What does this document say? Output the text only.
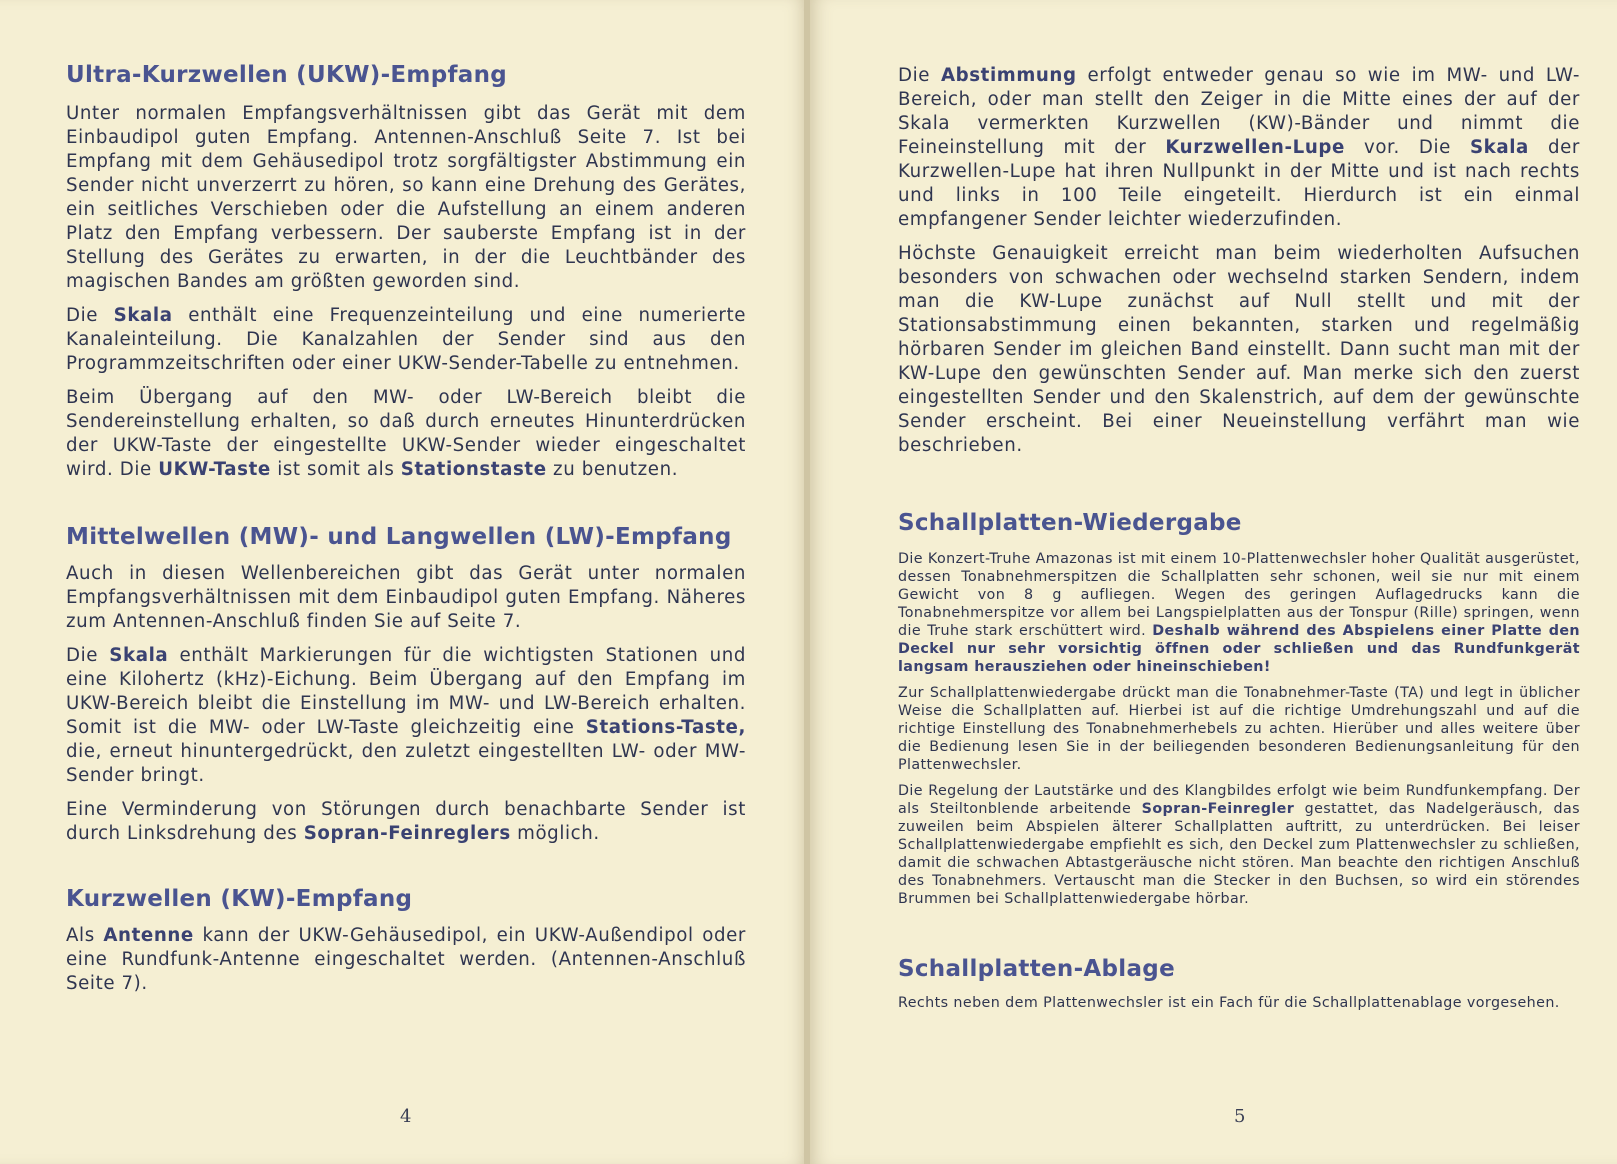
Ultra-Kurzwellen (UKW)-Empfang

Unter normalen Empfangsverhältnissen gibt das Gerät mit dem Einbaudipol guten Empfang. Antennen-Anschluß Seite 7. Ist bei Empfang mit dem Gehäusedipol trotz sorgfältigster Abstimmung ein Sender nicht unverzerrt zu hören, so kann eine Drehung des Gerätes, ein seitliches Verschieben oder die Aufstellung an einem anderen Platz den Empfang verbessern. Der sauberste Empfang ist in der Stellung des Gerätes zu erwarten, in der die Leuchtbänder des magischen Bandes am größten geworden sind.

Die Skala enthält eine Frequenzeinteilung und eine numerierte Kanaleinteilung. Die Kanalzahlen der Sender sind aus den Programmzeitschriften oder einer UKW-Sender-Tabelle zu entnehmen.

Beim Übergang auf den MW- oder LW-Bereich bleibt die Sendereinstellung erhalten, so daß durch erneutes Hinunterdrücken der UKW-Taste der eingestellte UKW-Sender wieder eingeschaltet wird. Die UKW-Taste ist somit als Stationstaste zu benutzen.

Mittelwellen (MW)- und Langwellen (LW)-Empfang

Auch in diesen Wellenbereichen gibt das Gerät unter normalen Empfangsverhältnissen mit dem Einbaudipol guten Empfang. Näheres zum Antennen-Anschluß finden Sie auf Seite 7.

Die Skala enthält Markierungen für die wichtigsten Stationen und eine Kilohertz (kHz)-Eichung. Beim Übergang auf den Empfang im UKW-Bereich bleibt die Einstellung im MW- und LW-Bereich erhalten. Somit ist die MW- oder LW-Taste gleichzeitig eine Stations-Taste, die, erneut hinuntergedrückt, den zuletzt eingestellten LW- oder MW-Sender bringt.

Eine Verminderung von Störungen durch benachbarte Sender ist durch Linksdrehung des Sopran-Feinreglers möglich.

Kurzwellen (KW)-Empfang

Als Antenne kann der UKW-Gehäusedipol, ein UKW-Außendipol oder eine Rundfunk-Antenne eingeschaltet werden. (Antennen-Anschluß Seite 7).

4

Die Abstimmung erfolgt entweder genau so wie im MW- und LW-Bereich, oder man stellt den Zeiger in die Mitte eines der auf der Skala vermerkten Kurzwellen (KW)-Bänder und nimmt die Feineinstellung mit der Kurzwellen-Lupe vor. Die Skala der Kurzwellen-Lupe hat ihren Nullpunkt in der Mitte und ist nach rechts und links in 100 Teile eingeteilt. Hierdurch ist ein einmal empfangener Sender leichter wiederzufinden.

Höchste Genauigkeit erreicht man beim wiederholten Aufsuchen besonders von schwachen oder wechselnd starken Sendern, indem man die KW-Lupe zunächst auf Null stellt und mit der Stationsabstimmung einen bekannten, starken und regelmäßig hörbaren Sender im gleichen Band einstellt. Dann sucht man mit der KW-Lupe den gewünschten Sender auf. Man merke sich den zuerst eingestellten Sender und den Skalenstrich, auf dem der gewünschte Sender erscheint. Bei einer Neueinstellung verfährt man wie beschrieben.

Schallplatten-Wiedergabe

Die Konzert-Truhe Amazonas ist mit einem 10-Plattenwechsler hoher Qualität ausgerüstet, dessen Tonabnehmerspitzen die Schallplatten sehr schonen, weil sie nur mit einem Gewicht von 8 g aufliegen. Wegen des geringen Auflagedrucks kann die Tonabnehmerspitze vor allem bei Langspielplatten aus der Tonspur (Rille) springen, wenn die Truhe stark erschüttert wird. Deshalb während des Abspielens einer Platte den Deckel nur sehr vorsichtig öffnen oder schließen und das Rundfunkgerät langsam herausziehen oder hineinschieben!

Zur Schallplattenwiedergabe drückt man die Tonabnehmer-Taste (TA) und legt in üblicher Weise die Schallplatten auf. Hierbei ist auf die richtige Umdrehungszahl und auf die richtige Einstellung des Tonabnehmerhebels zu achten. Hierüber und alles weitere über die Bedienung lesen Sie in der beiliegenden besonderen Bedienungsanleitung für den Plattenwechsler.

Die Regelung der Lautstärke und des Klangbildes erfolgt wie beim Rundfunkempfang. Der als Steiltonblende arbeitende Sopran-Feinregler gestattet, das Nadelgeräusch, das zuweilen beim Abspielen älterer Schallplatten auftritt, zu unterdrücken. Bei leiser Schallplattenwiedergabe empfiehlt es sich, den Deckel zum Plattenwechsler zu schließen, damit die schwachen Abtastgeräusche nicht stören. Man beachte den richtigen Anschluß des Tonabnehmers. Vertauscht man die Stecker in den Buchsen, so wird ein störendes Brummen bei Schallplattenwiedergabe hörbar.

Schallplatten-Ablage

Rechts neben dem Plattenwechsler ist ein Fach für die Schallplattenablage vorgesehen.

5
